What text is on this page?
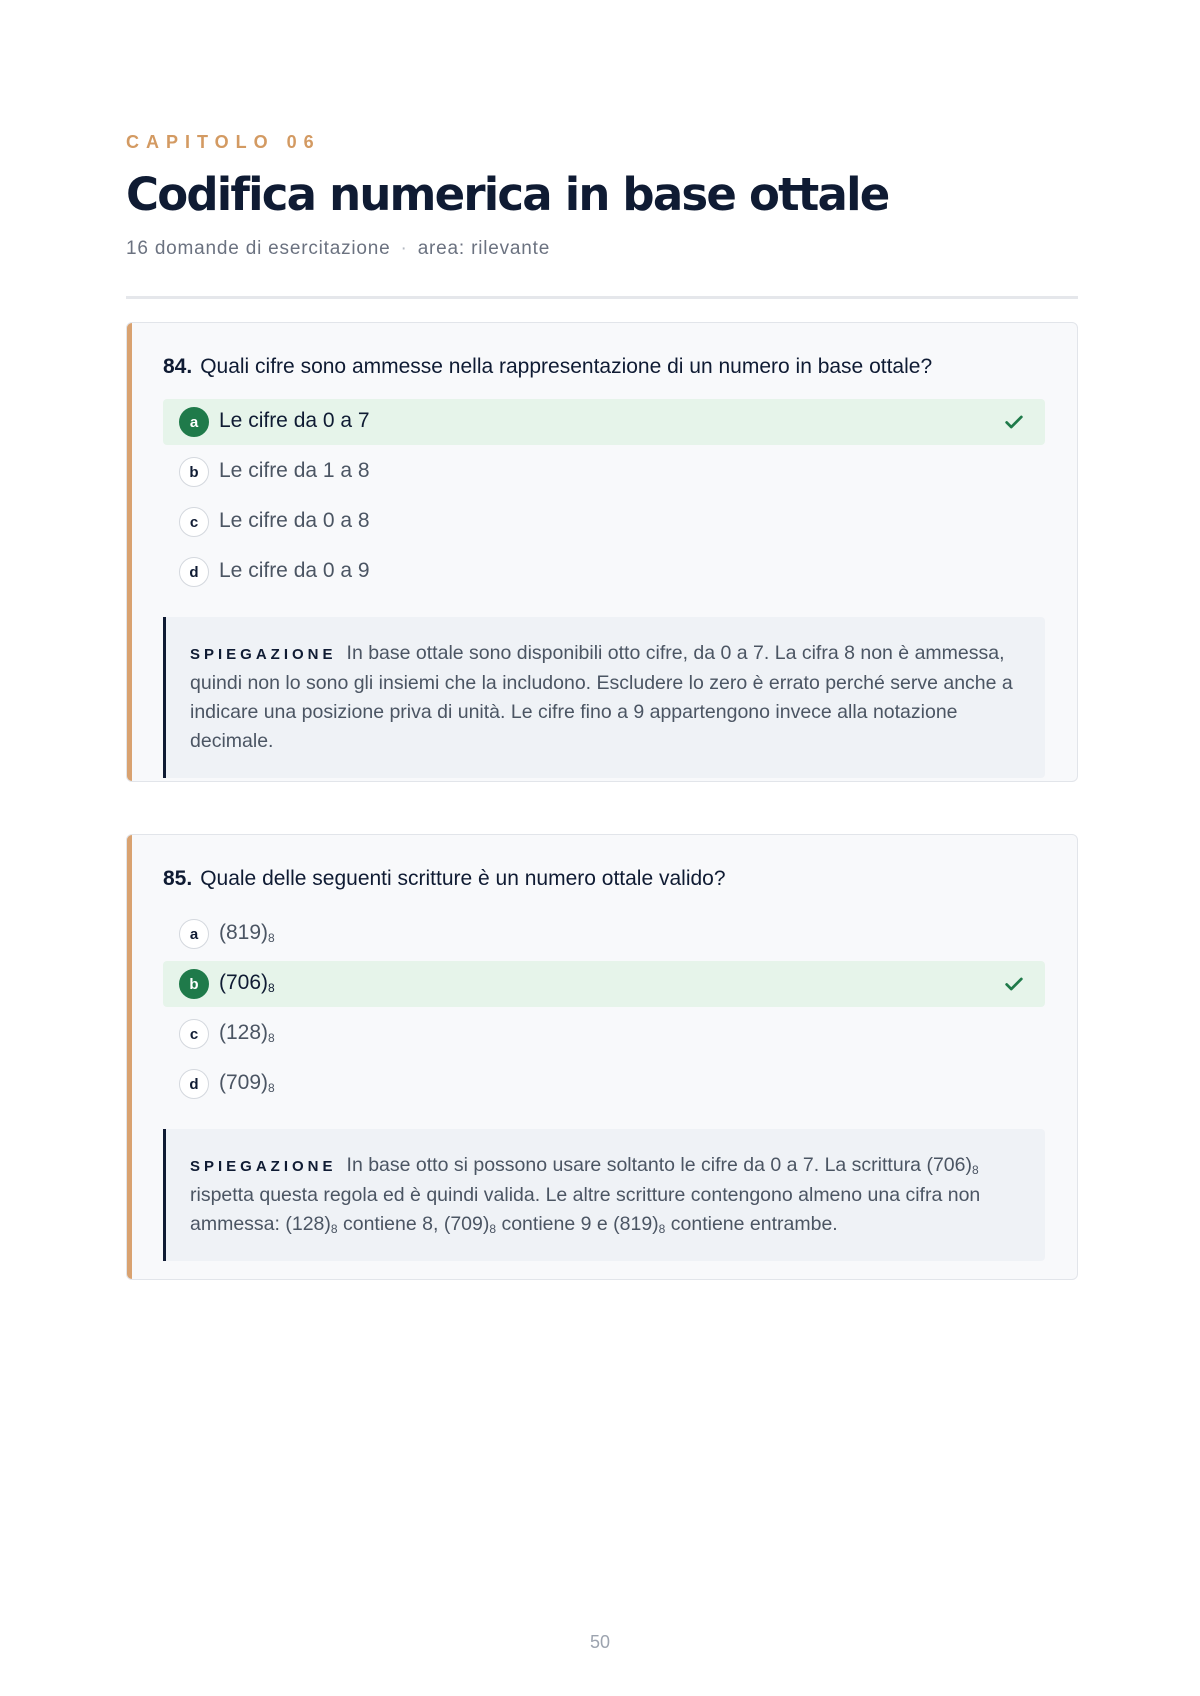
CAPITOLO 06
Codifica numerica in base ottale
16 domande di esercitazione · area: rilevante
84. Quali cifre sono ammesse nella rappresentazione di un numero in base ottale?
a Le cifre da 0 a 7
b Le cifre da 1 a 8
c Le cifre da 0 a 8
d Le cifre da 0 a 9
SPIEGAZIONE In base ottale sono disponibili otto cifre, da 0 a 7. La cifra 8 non è ammessa, quindi non lo sono gli insiemi che la includono. Escludere lo zero è errato perché serve anche a indicare una posizione priva di unità. Le cifre fino a 9 appartengono invece alla notazione decimale.
85. Quale delle seguenti scritture è un numero ottale valido?
a $(819)_8$
b $(706)_8$
c $(128)_8$
d $(709)_8$
SPIEGAZIONE In base otto si possono usare soltanto le cifre da 0 a 7. La scrittura $(706)_8$ rispetta questa regola ed è quindi valida. Le altre scritture contengono almeno una cifra non ammessa: $(128)_8$ contiene 8, $(709)_8$ contiene 9 e $(819)_8$ contiene entrambe.
50
